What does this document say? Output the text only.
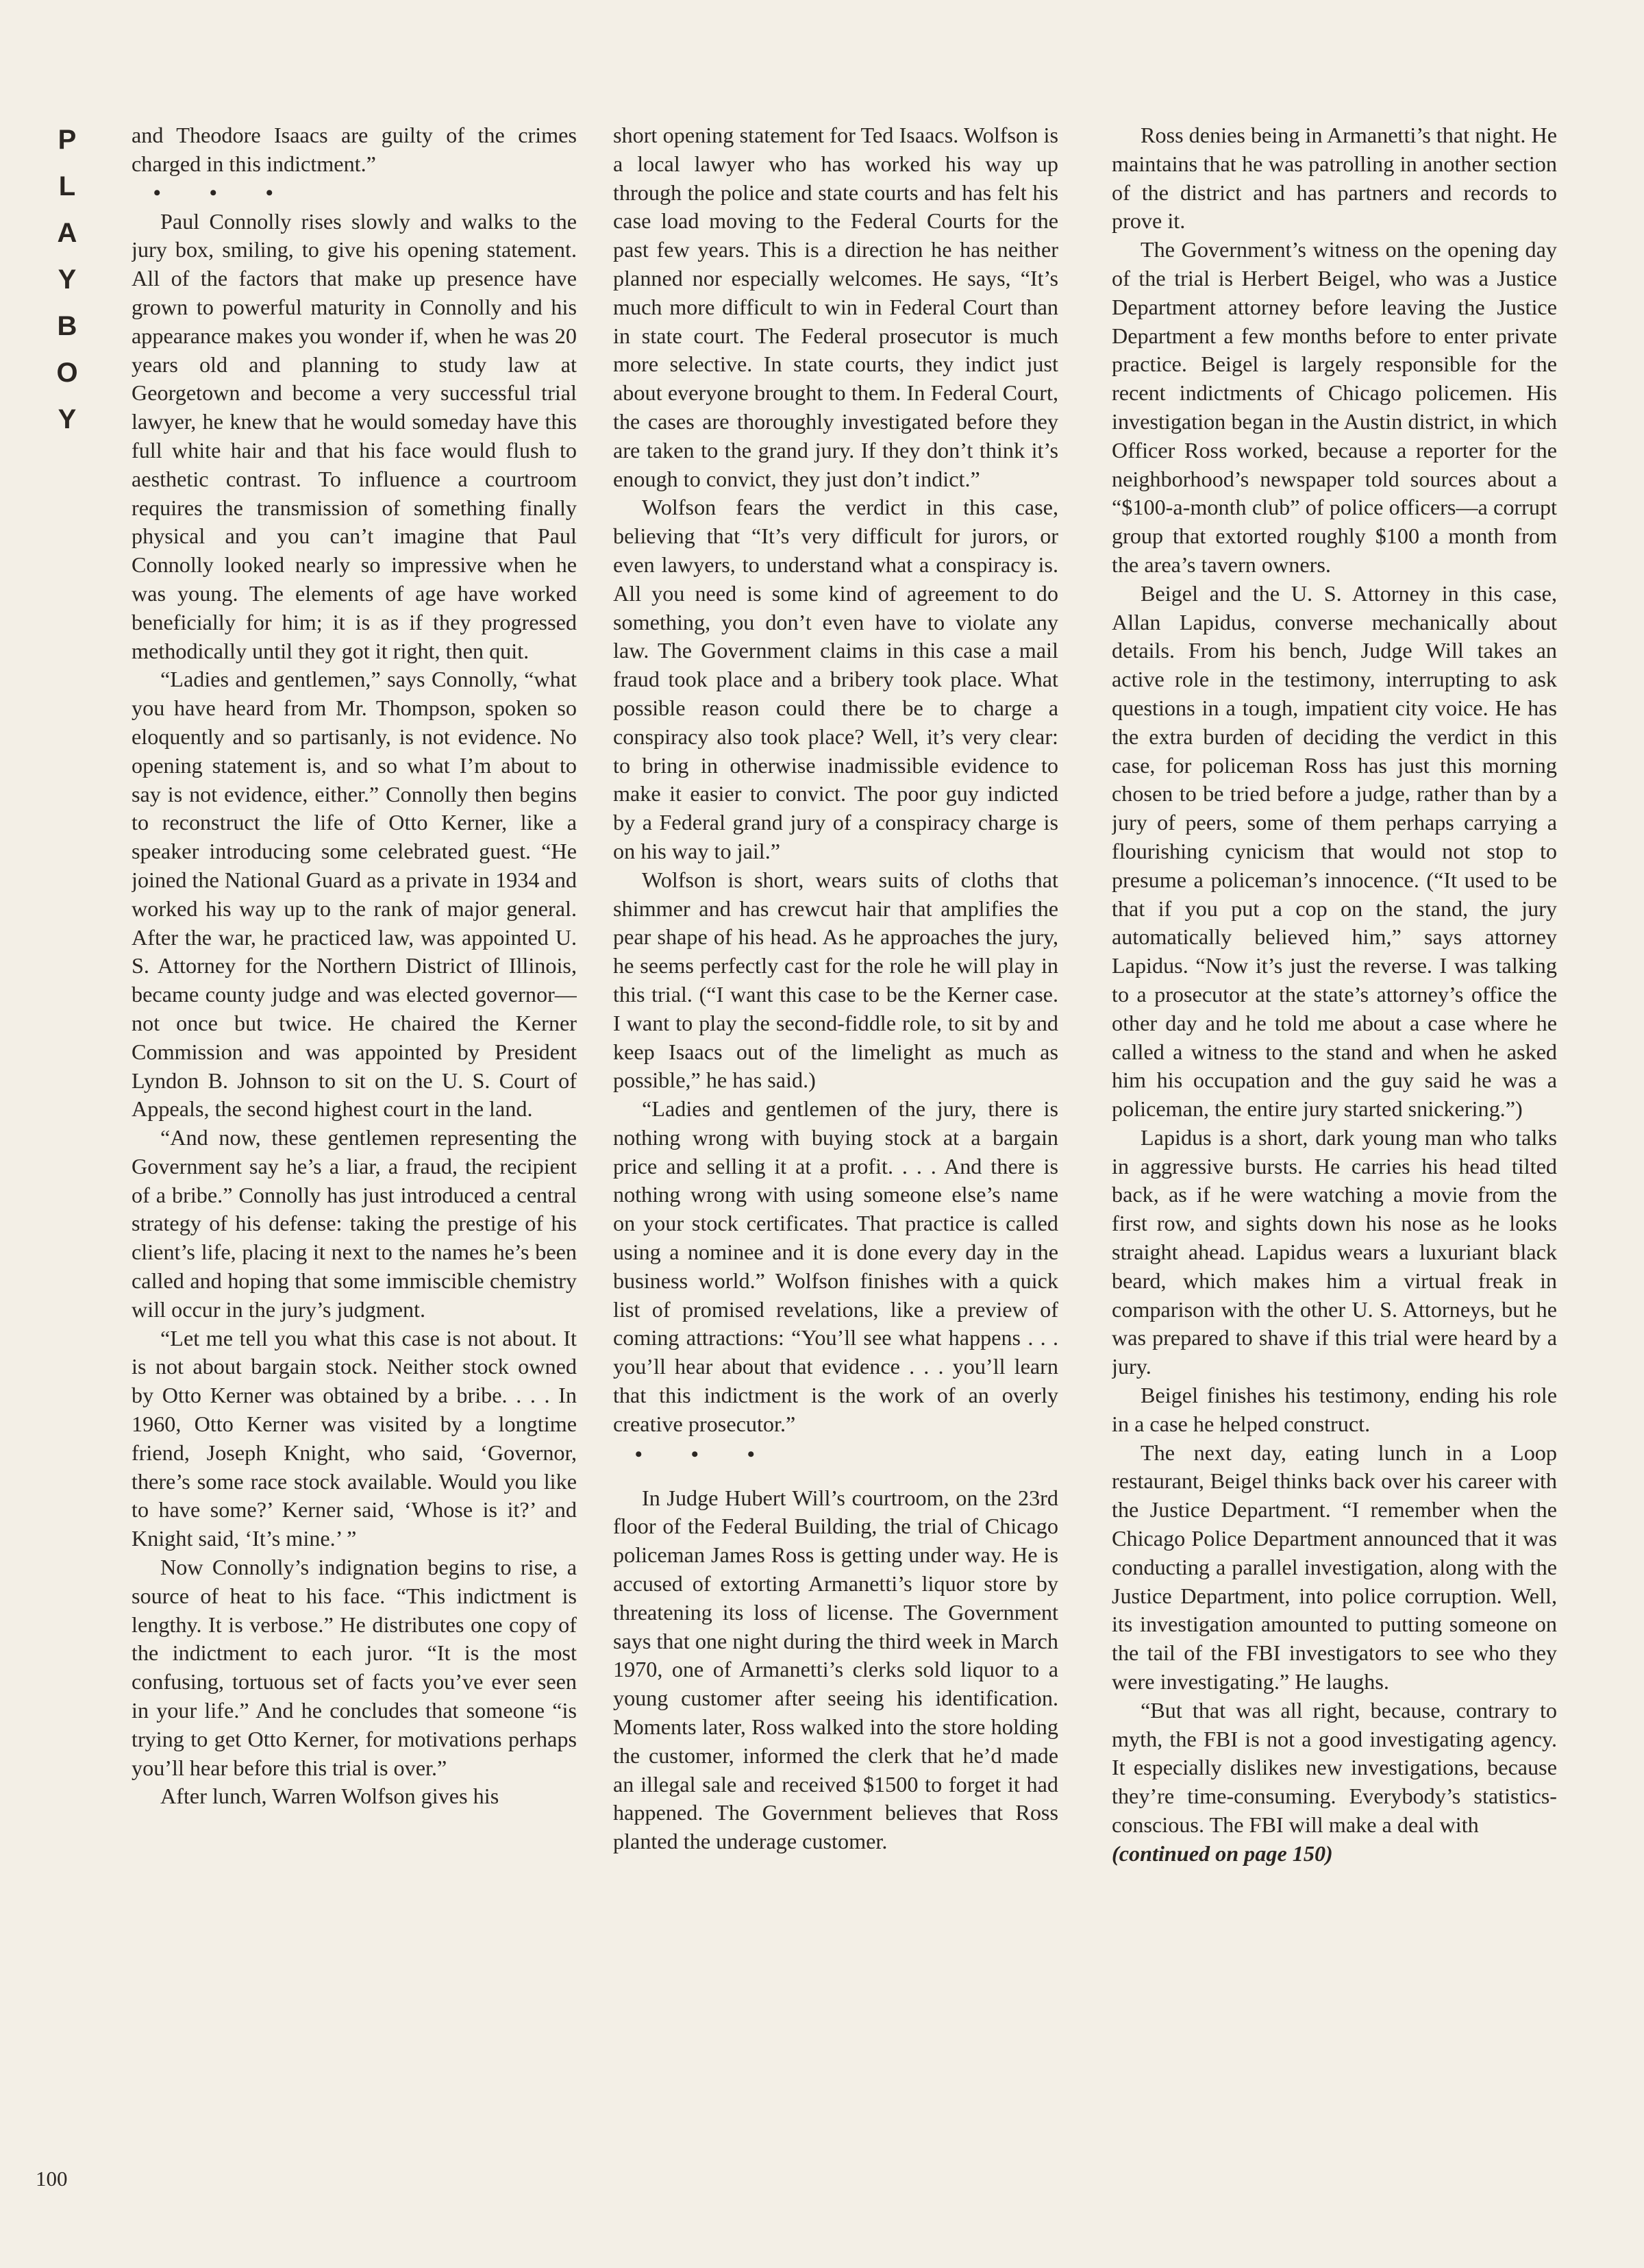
P
L
A
Y
B
O
Y

and Theodore Isaacs are guilty of the crimes charged in this indictment.”

• • •

Paul Connolly rises slowly and walks to the jury box, smiling, to give his opening statement. All of the factors that make up presence have grown to powerful maturity in Connolly and his appearance makes you wonder if, when he was 20 years old and planning to study law at Georgetown and become a very successful trial lawyer, he knew that he would someday have this full white hair and that his face would flush to aesthetic contrast. To influence a courtroom requires the transmission of something finally physical and you can’t imagine that Paul Connolly looked nearly so impressive when he was young. The elements of age have worked beneficially for him; it is as if they progressed methodically until they got it right, then quit.

“Ladies and gentlemen,” says Connolly, “what you have heard from Mr. Thompson, spoken so eloquently and so partisanly, is not evidence. No opening statement is, and so what I’m about to say is not evidence, either.” Connolly then begins to reconstruct the life of Otto Kerner, like a speaker introducing some celebrated guest. “He joined the National Guard as a private in 1934 and worked his way up to the rank of major general. After the war, he practiced law, was appointed U. S. Attorney for the Northern District of Illinois, became county judge and was elected governor—not once but twice. He chaired the Kerner Commission and was appointed by President Lyndon B. Johnson to sit on the U. S. Court of Appeals, the second highest court in the land.

“And now, these gentlemen representing the Government say he’s a liar, a fraud, the recipient of a bribe.” Connolly has just introduced a central strategy of his defense: taking the prestige of his client’s life, placing it next to the names he’s been called and hoping that some immiscible chemistry will occur in the jury’s judgment.

“Let me tell you what this case is not about. It is not about bargain stock. Neither stock owned by Otto Kerner was obtained by a bribe. . . . In 1960, Otto Kerner was visited by a longtime friend, Joseph Knight, who said, ‘Governor, there’s some race stock available. Would you like to have some?’ Kerner said, ‘Whose is it?’ and Knight said, ‘It’s mine.’ ”

Now Connolly’s indignation begins to rise, a source of heat to his face. “This indictment is lengthy. It is verbose.” He distributes one copy of the indictment to each juror. “It is the most confusing, tortuous set of facts you’ve ever seen in your life.” And he concludes that someone “is trying to get Otto Kerner, for motivations perhaps you’ll hear before this trial is over.”

After lunch, Warren Wolfson gives his

short opening statement for Ted Isaacs. Wolfson is a local lawyer who has worked his way up through the police and state courts and has felt his case load moving to the Federal Courts for the past few years. This is a direction he has neither planned nor especially welcomes. He says, “It’s much more difficult to win in Federal Court than in state court. The Federal prosecutor is much more selective. In state courts, they indict just about everyone brought to them. In Federal Court, the cases are thoroughly investigated before they are taken to the grand jury. If they don’t think it’s enough to convict, they just don’t indict.”

Wolfson fears the verdict in this case, believing that “It’s very difficult for jurors, or even lawyers, to understand what a conspiracy is. All you need is some kind of agreement to do something, you don’t even have to violate any law. The Government claims in this case a mail fraud took place and a bribery took place. What possible reason could there be to charge a conspiracy also took place? Well, it’s very clear: to bring in otherwise inadmissible evidence to make it easier to convict. The poor guy indicted by a Federal grand jury of a conspiracy charge is on his way to jail.”

Wolfson is short, wears suits of cloths that shimmer and has crewcut hair that amplifies the pear shape of his head. As he approaches the jury, he seems perfectly cast for the role he will play in this trial. (“I want this case to be the Kerner case. I want to play the second-fiddle role, to sit by and keep Isaacs out of the limelight as much as possible,” he has said.)

“Ladies and gentlemen of the jury, there is nothing wrong with buying stock at a bargain price and selling it at a profit. . . . And there is nothing wrong with using someone else’s name on your stock certificates. That practice is called using a nominee and it is done every day in the business world.” Wolfson finishes with a quick list of promised revelations, like a preview of coming attractions: “You’ll see what happens . . . you’ll hear about that evidence . . . you’ll learn that this indictment is the work of an overly creative prosecutor.”

• • •

In Judge Hubert Will’s courtroom, on the 23rd floor of the Federal Building, the trial of Chicago policeman James Ross is getting under way. He is accused of extorting Armanetti’s liquor store by threatening its loss of license. The Government says that one night during the third week in March 1970, one of Armanetti’s clerks sold liquor to a young customer after seeing his identification. Moments later, Ross walked into the store holding the customer, informed the clerk that he’d made an illegal sale and received $1500 to forget it had happened. The Government believes that Ross planted the underage customer.

Ross denies being in Armanetti’s that night. He maintains that he was patrolling in another section of the district and has partners and records to prove it.

The Government’s witness on the opening day of the trial is Herbert Beigel, who was a Justice Department attorney before leaving the Justice Department a few months before to enter private practice. Beigel is largely responsible for the recent indictments of Chicago policemen. His investigation began in the Austin district, in which Officer Ross worked, because a reporter for the neighborhood’s newspaper told sources about a “$100-a-month club” of police officers—a corrupt group that extorted roughly $100 a month from the area’s tavern owners.

Beigel and the U. S. Attorney in this case, Allan Lapidus, converse mechanically about details. From his bench, Judge Will takes an active role in the testimony, interrupting to ask questions in a tough, impatient city voice. He has the extra burden of deciding the verdict in this case, for policeman Ross has just this morning chosen to be tried before a judge, rather than by a jury of peers, some of them perhaps carrying a flourishing cynicism that would not stop to presume a policeman’s innocence. (“It used to be that if you put a cop on the stand, the jury automatically believed him,” says attorney Lapidus. “Now it’s just the reverse. I was talking to a prosecutor at the state’s attorney’s office the other day and he told me about a case where he called a witness to the stand and when he asked him his occupation and the guy said he was a policeman, the entire jury started snickering.”)

Lapidus is a short, dark young man who talks in aggressive bursts. He carries his head tilted back, as if he were watching a movie from the first row, and sights down his nose as he looks straight ahead. Lapidus wears a luxuriant black beard, which makes him a virtual freak in comparison with the other U. S. Attorneys, but he was prepared to shave if this trial were heard by a jury.

Beigel finishes his testimony, ending his role in a case he helped construct.

The next day, eating lunch in a Loop restaurant, Beigel thinks back over his career with the Justice Department. “I remember when the Chicago Police Department announced that it was conducting a parallel investigation, along with the Justice Department, into police corruption. Well, its investigation amounted to putting someone on the tail of the FBI investigators to see who they were investigating.” He laughs.

“But that was all right, because, contrary to myth, the FBI is not a good investigating agency. It especially dislikes new investigations, because they’re time-consuming. Everybody’s statistics-conscious. The FBI will make a deal with

(continued on page 150)

100
